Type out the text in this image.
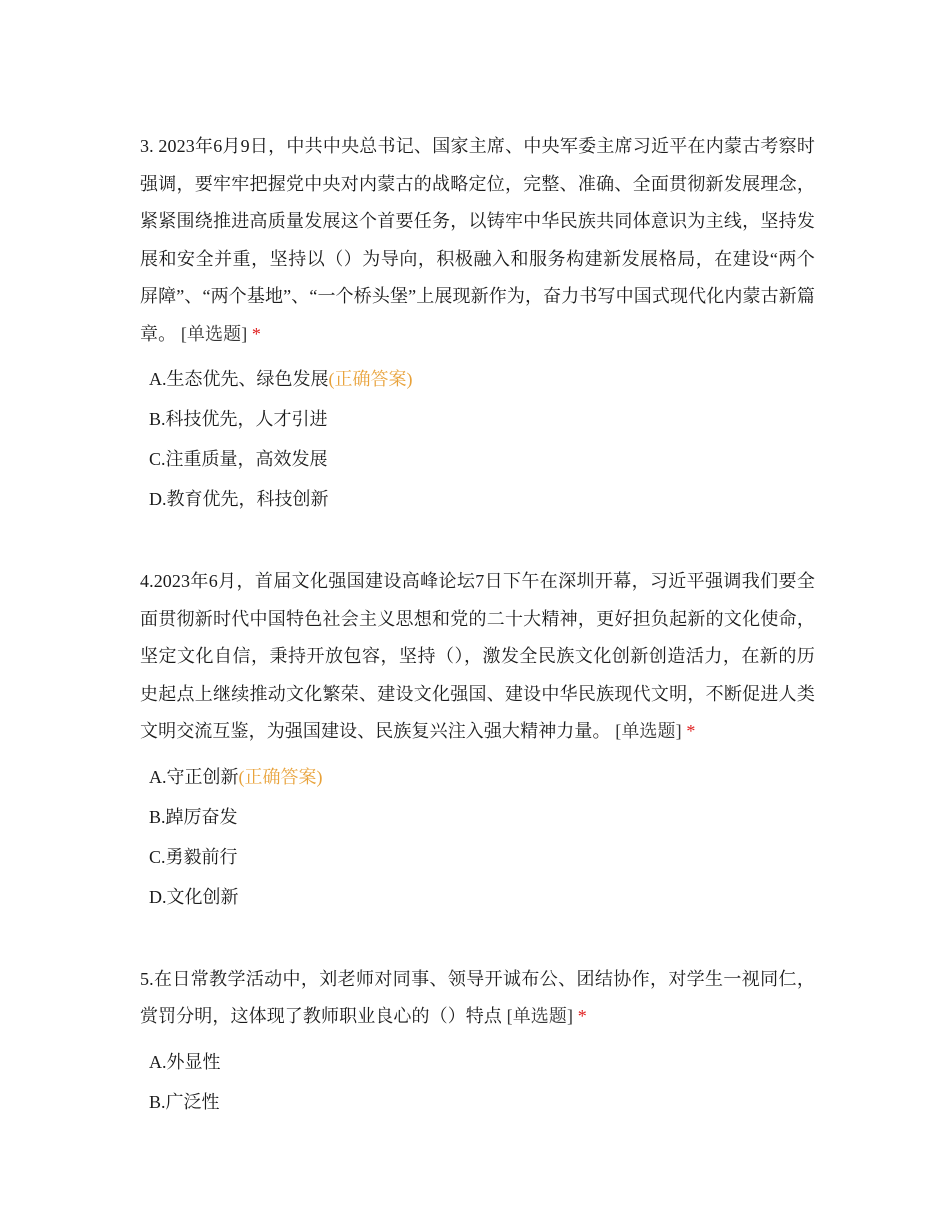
3. 2023年6月9日，中共中央总书记、国家主席、中央军委主席习近平在内蒙古考察时强调，要牢牢把握党中央对内蒙古的战略定位，完整、准确、全面贯彻新发展理念，紧紧围绕推进高质量发展这个首要任务，以铸牢中华民族共同体意识为主线，坚持发展和安全并重，坚持以（）为导向，积极融入和服务构建新发展格局，在建设“两个屏障”、“两个基地”、“一个桥头堡”上展现新作为，奋力书写中国式现代化内蒙古新篇章。 [单选题] *

A.生态优先、绿色发展(正确答案)
B.科技优先，人才引进
C.注重质量，高效发展
D.教育优先，科技创新

4.2023年6月，首届文化强国建设高峰论坛7日下午在深圳开幕，习近平强调我们要全面贯彻新时代中国特色社会主义思想和党的二十大精神，更好担负起新的文化使命，坚定文化自信，秉持开放包容，坚持（），激发全民族文化创新创造活力，在新的历史起点上继续推动文化繁荣、建设文化强国、建设中华民族现代文明，不断促进人类文明交流互鉴，为强国建设、民族复兴注入强大精神力量。 [单选题] *

A.守正创新(正确答案)
B.踔厉奋发
C.勇毅前行
D.文化创新

5.在日常教学活动中，刘老师对同事、领导开诚布公、团结协作，对学生一视同仁，赏罚分明，这体现了教师职业良心的（）特点 [单选题] *

A.外显性
B.广泛性
